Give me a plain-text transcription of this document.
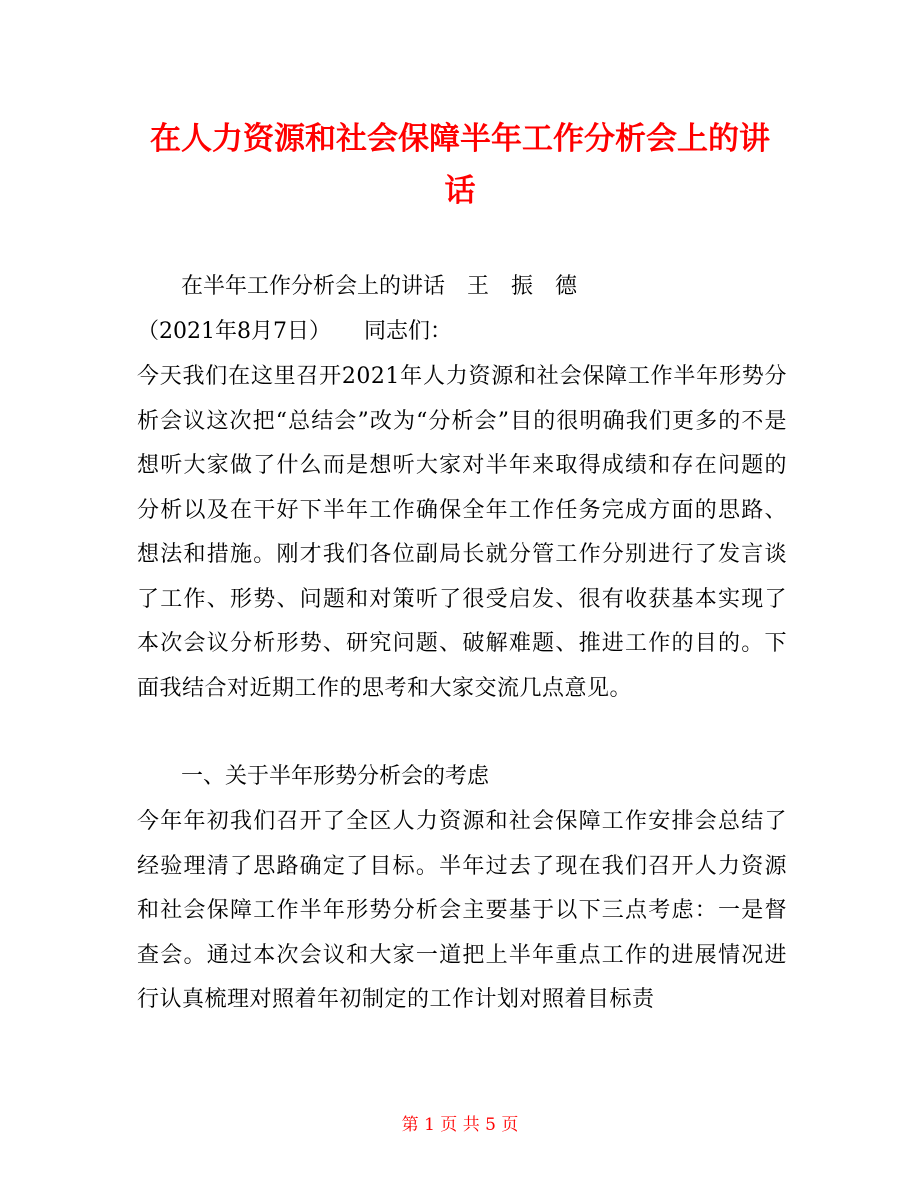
在人力资源和社会保障半年工作分析会上的讲
话

在半年工作分析会上的讲话　王　振　德

（2021年8月7日）　　同志们：

今天我们在这里召开2021年人力资源和社会保障工作半年形势分析会议这次把“总结会”改为“分析会”目的很明确我们更多的不是想听大家做了什么而是想听大家对半年来取得成绩和存在问题的分析以及在干好下半年工作确保全年工作任务完成方面的思路、想法和措施。刚才我们各位副局长就分管工作分别进行了发言谈了工作、形势、问题和对策听了很受启发、很有收获基本实现了本次会议分析形势、研究问题、破解难题、推进工作的目的。下面我结合对近期工作的思考和大家交流几点意见。

一、关于半年形势分析会的考虑

今年年初我们召开了全区人力资源和社会保障工作安排会总结了经验理清了思路确定了目标。半年过去了现在我们召开人力资源和社会保障工作半年形势分析会主要基于以下三点考虑：一是督查会。通过本次会议和大家一道把上半年重点工作的进展情况进行认真梳理对照着年初制定的工作计划对照着目标责

第 1 页 共 5 页
